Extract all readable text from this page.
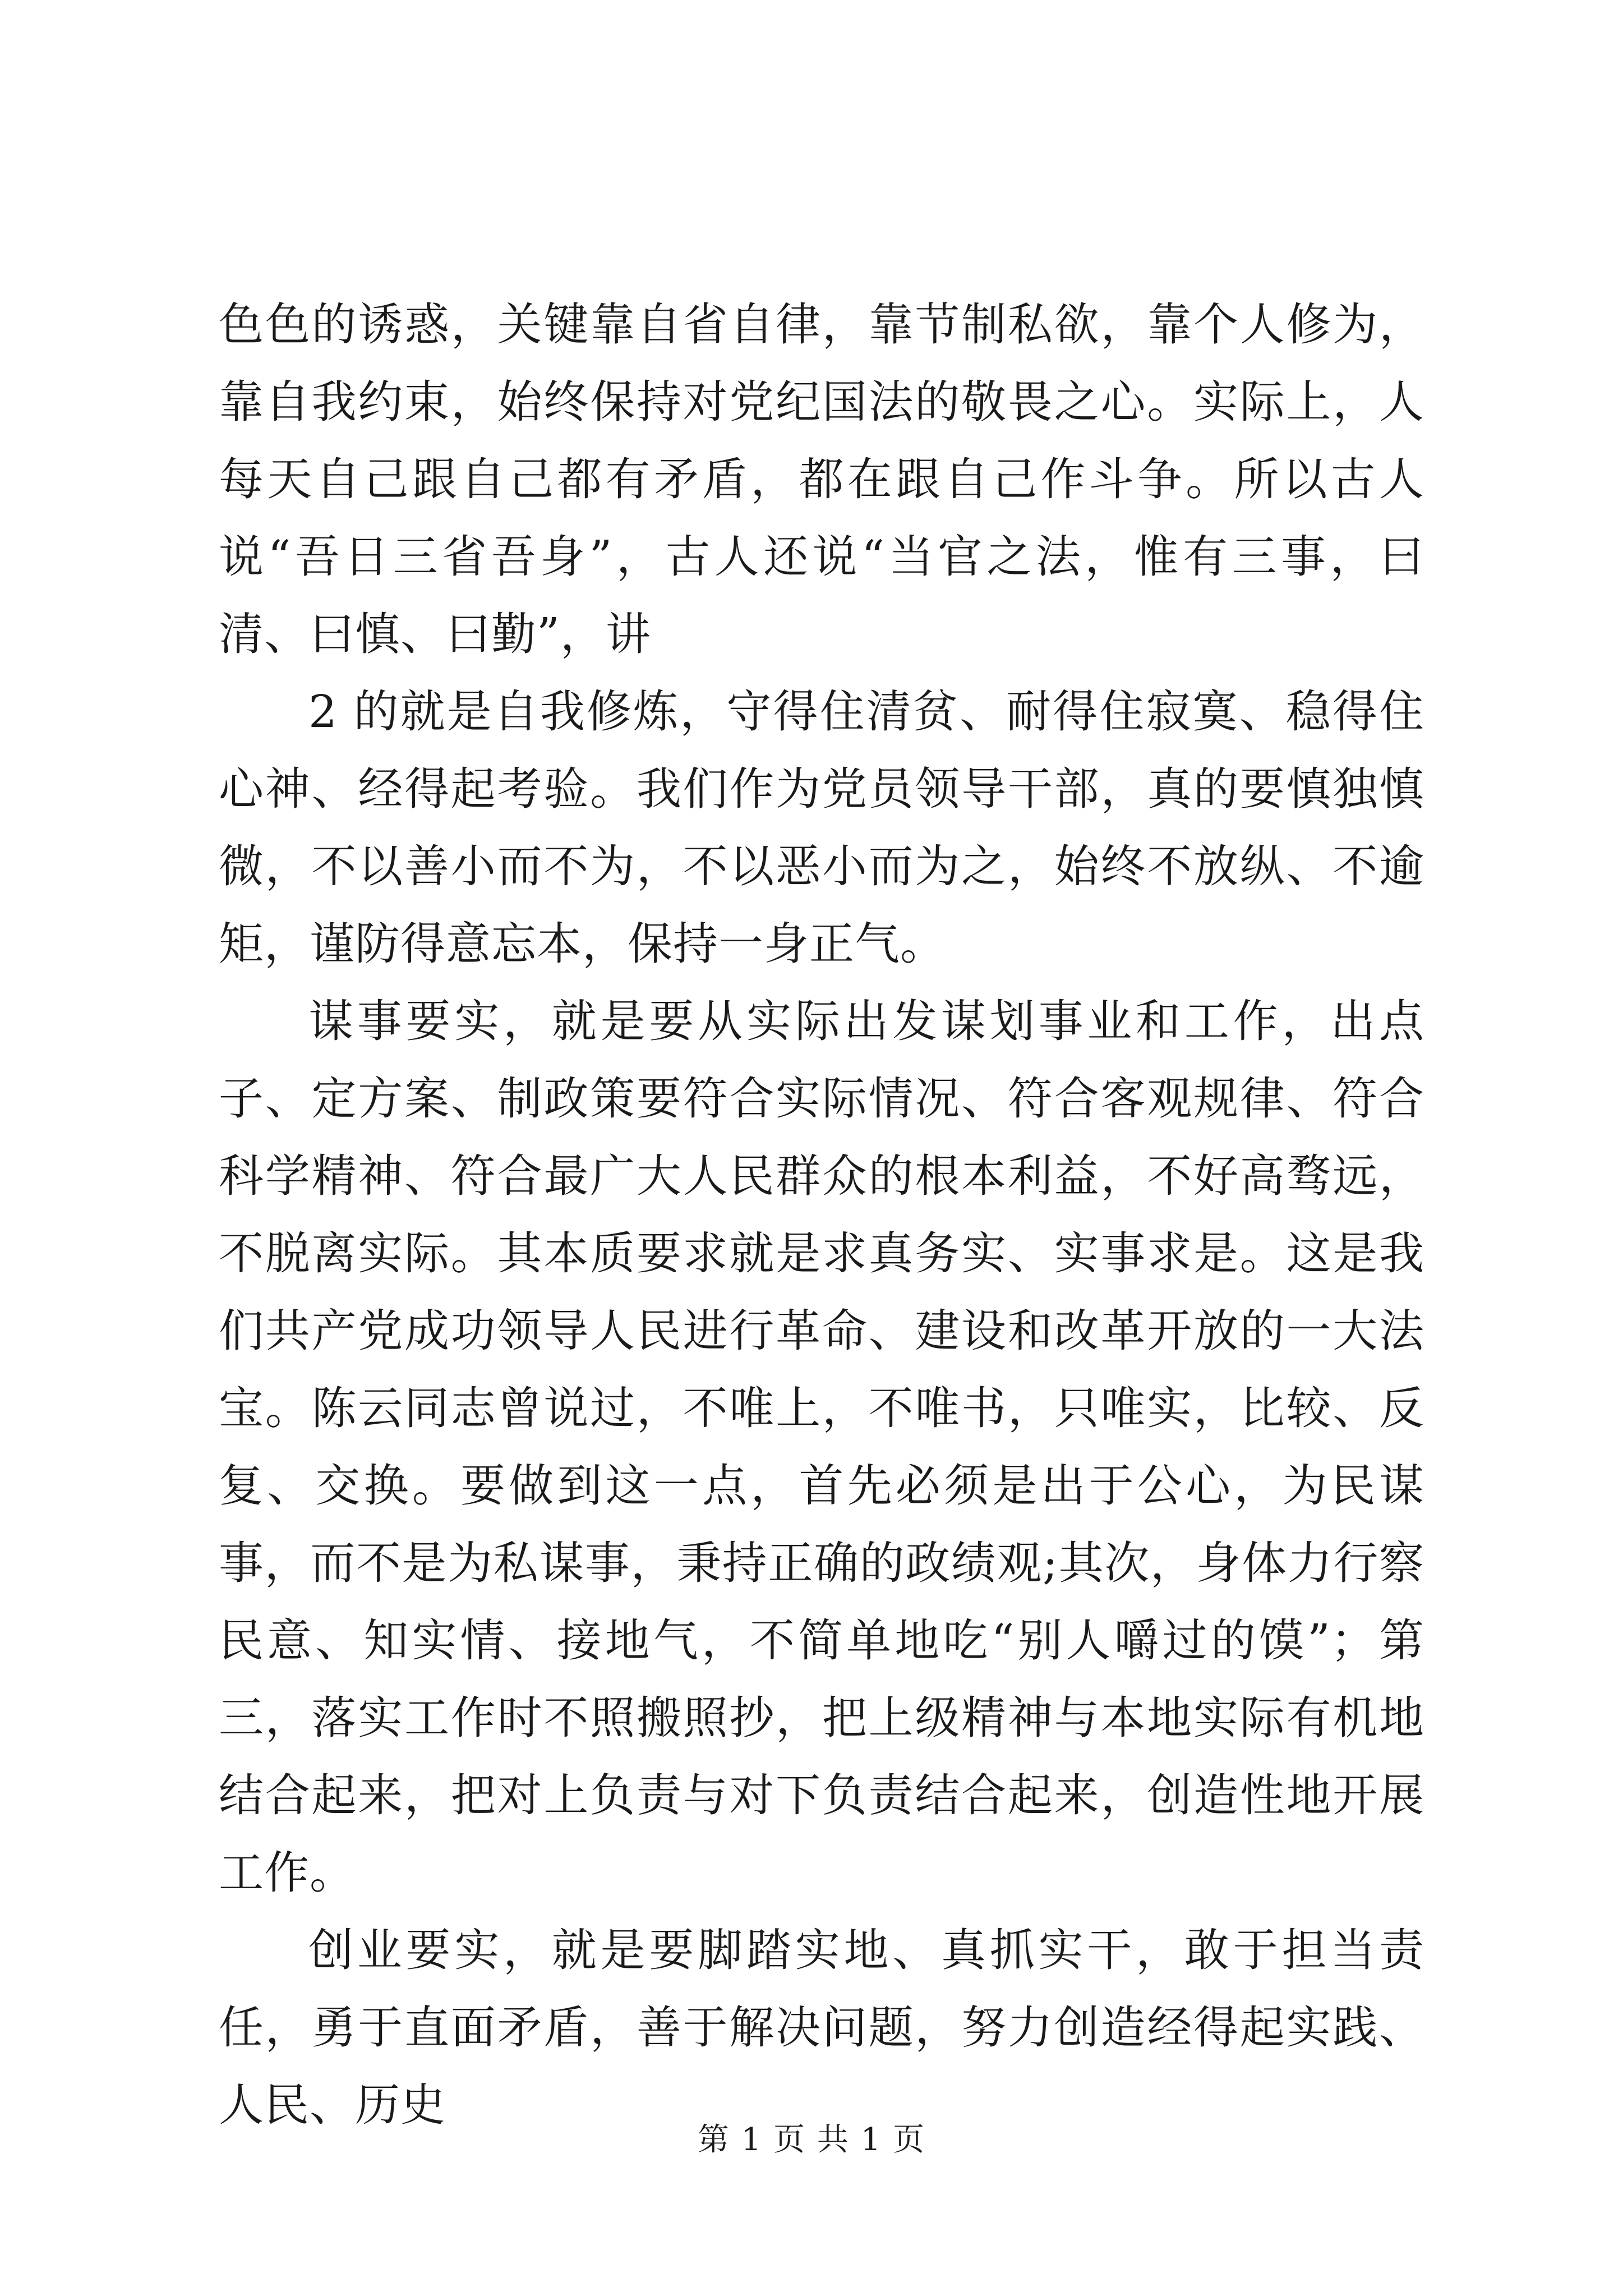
色色的诱惑，关键靠自省自律，靠节制私欲，靠个人修为，靠自我约束，始终保持对党纪国法的敬畏之心。实际上，人每天自己跟自己都有矛盾，都在跟自己作斗争。所以古人说“吾日三省吾身”，古人还说“当官之法，惟有三事，曰清、曰慎、曰勤”，讲

2 的就是自我修炼，守得住清贫、耐得住寂寞、稳得住心神、经得起考验。我们作为党员领导干部，真的要慎独慎微，不以善小而不为，不以恶小而为之，始终不放纵、不逾矩，谨防得意忘本，保持一身正气。

谋事要实，就是要从实际出发谋划事业和工作，出点子、定方案、制政策要符合实际情况、符合客观规律、符合科学精神、符合最广大人民群众的根本利益，不好高骛远，不脱离实际。其本质要求就是求真务实、实事求是。这是我们共产党成功领导人民进行革命、建设和改革开放的一大法宝。陈云同志曾说过，不唯上，不唯书，只唯实，比较、反复、交换。要做到这一点，首先必须是出于公心，为民谋事，而不是为私谋事，秉持正确的政绩观;其次，身体力行察民意、知实情、接地气，不简单地吃“别人嚼过的馍”；第三，落实工作时不照搬照抄，把上级精神与本地实际有机地结合起来，把对上负责与对下负责结合起来，创造性地开展工作。

创业要实，就是要脚踏实地、真抓实干，敢于担当责任，勇于直面矛盾，善于解决问题，努力创造经得起实践、人民、历史

第 1 页 共 1 页
